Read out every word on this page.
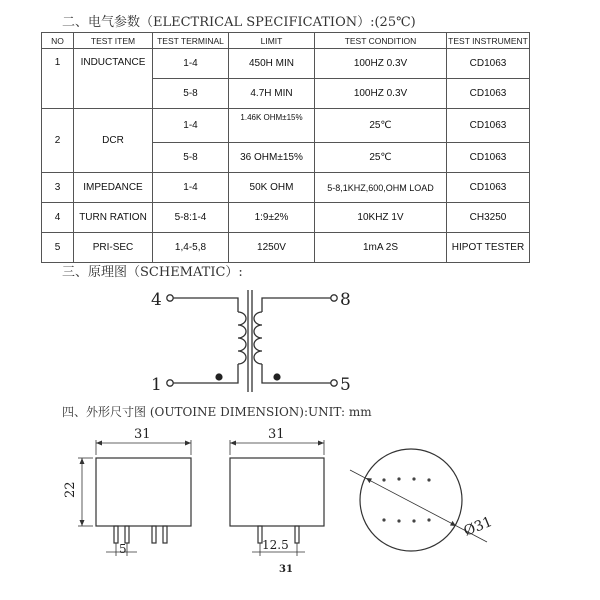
二、电气参数（ELECTRICAL SPECIFICATION）:(25℃)
NO	TEST ITEM	TEST TERMINAL	LIMIT	TEST CONDITION	TEST INSTRUMENT
1	INDUCTANCE	1-4	450H MIN	100HZ 0.3V	CD1063
		5-8	4.7H MIN	100HZ 0.3V	CD1063
2	DCR	1-4	1.46K OHM±15%	25℃	CD1063
		5-8	36 OHM±15%	25℃	CD1063
3	IMPEDANCE	1-4	50K OHM	5-8,1KHZ,600,OHM LOAD	CD1063
4	TURN RATION	5-8:1-4	1:9±2%	10KHZ 1V	CH3250
5	PRI-SEC	1,4-5,8	1250V	1mA 2S	HIPOT TESTER
三、原理图（SCHEMATIC）:
4
1
8
5
31
22
5
31
12.5
Ø31
31
四、外形尺寸图 (OUTOINE DIMENSION):UNIT: mm
